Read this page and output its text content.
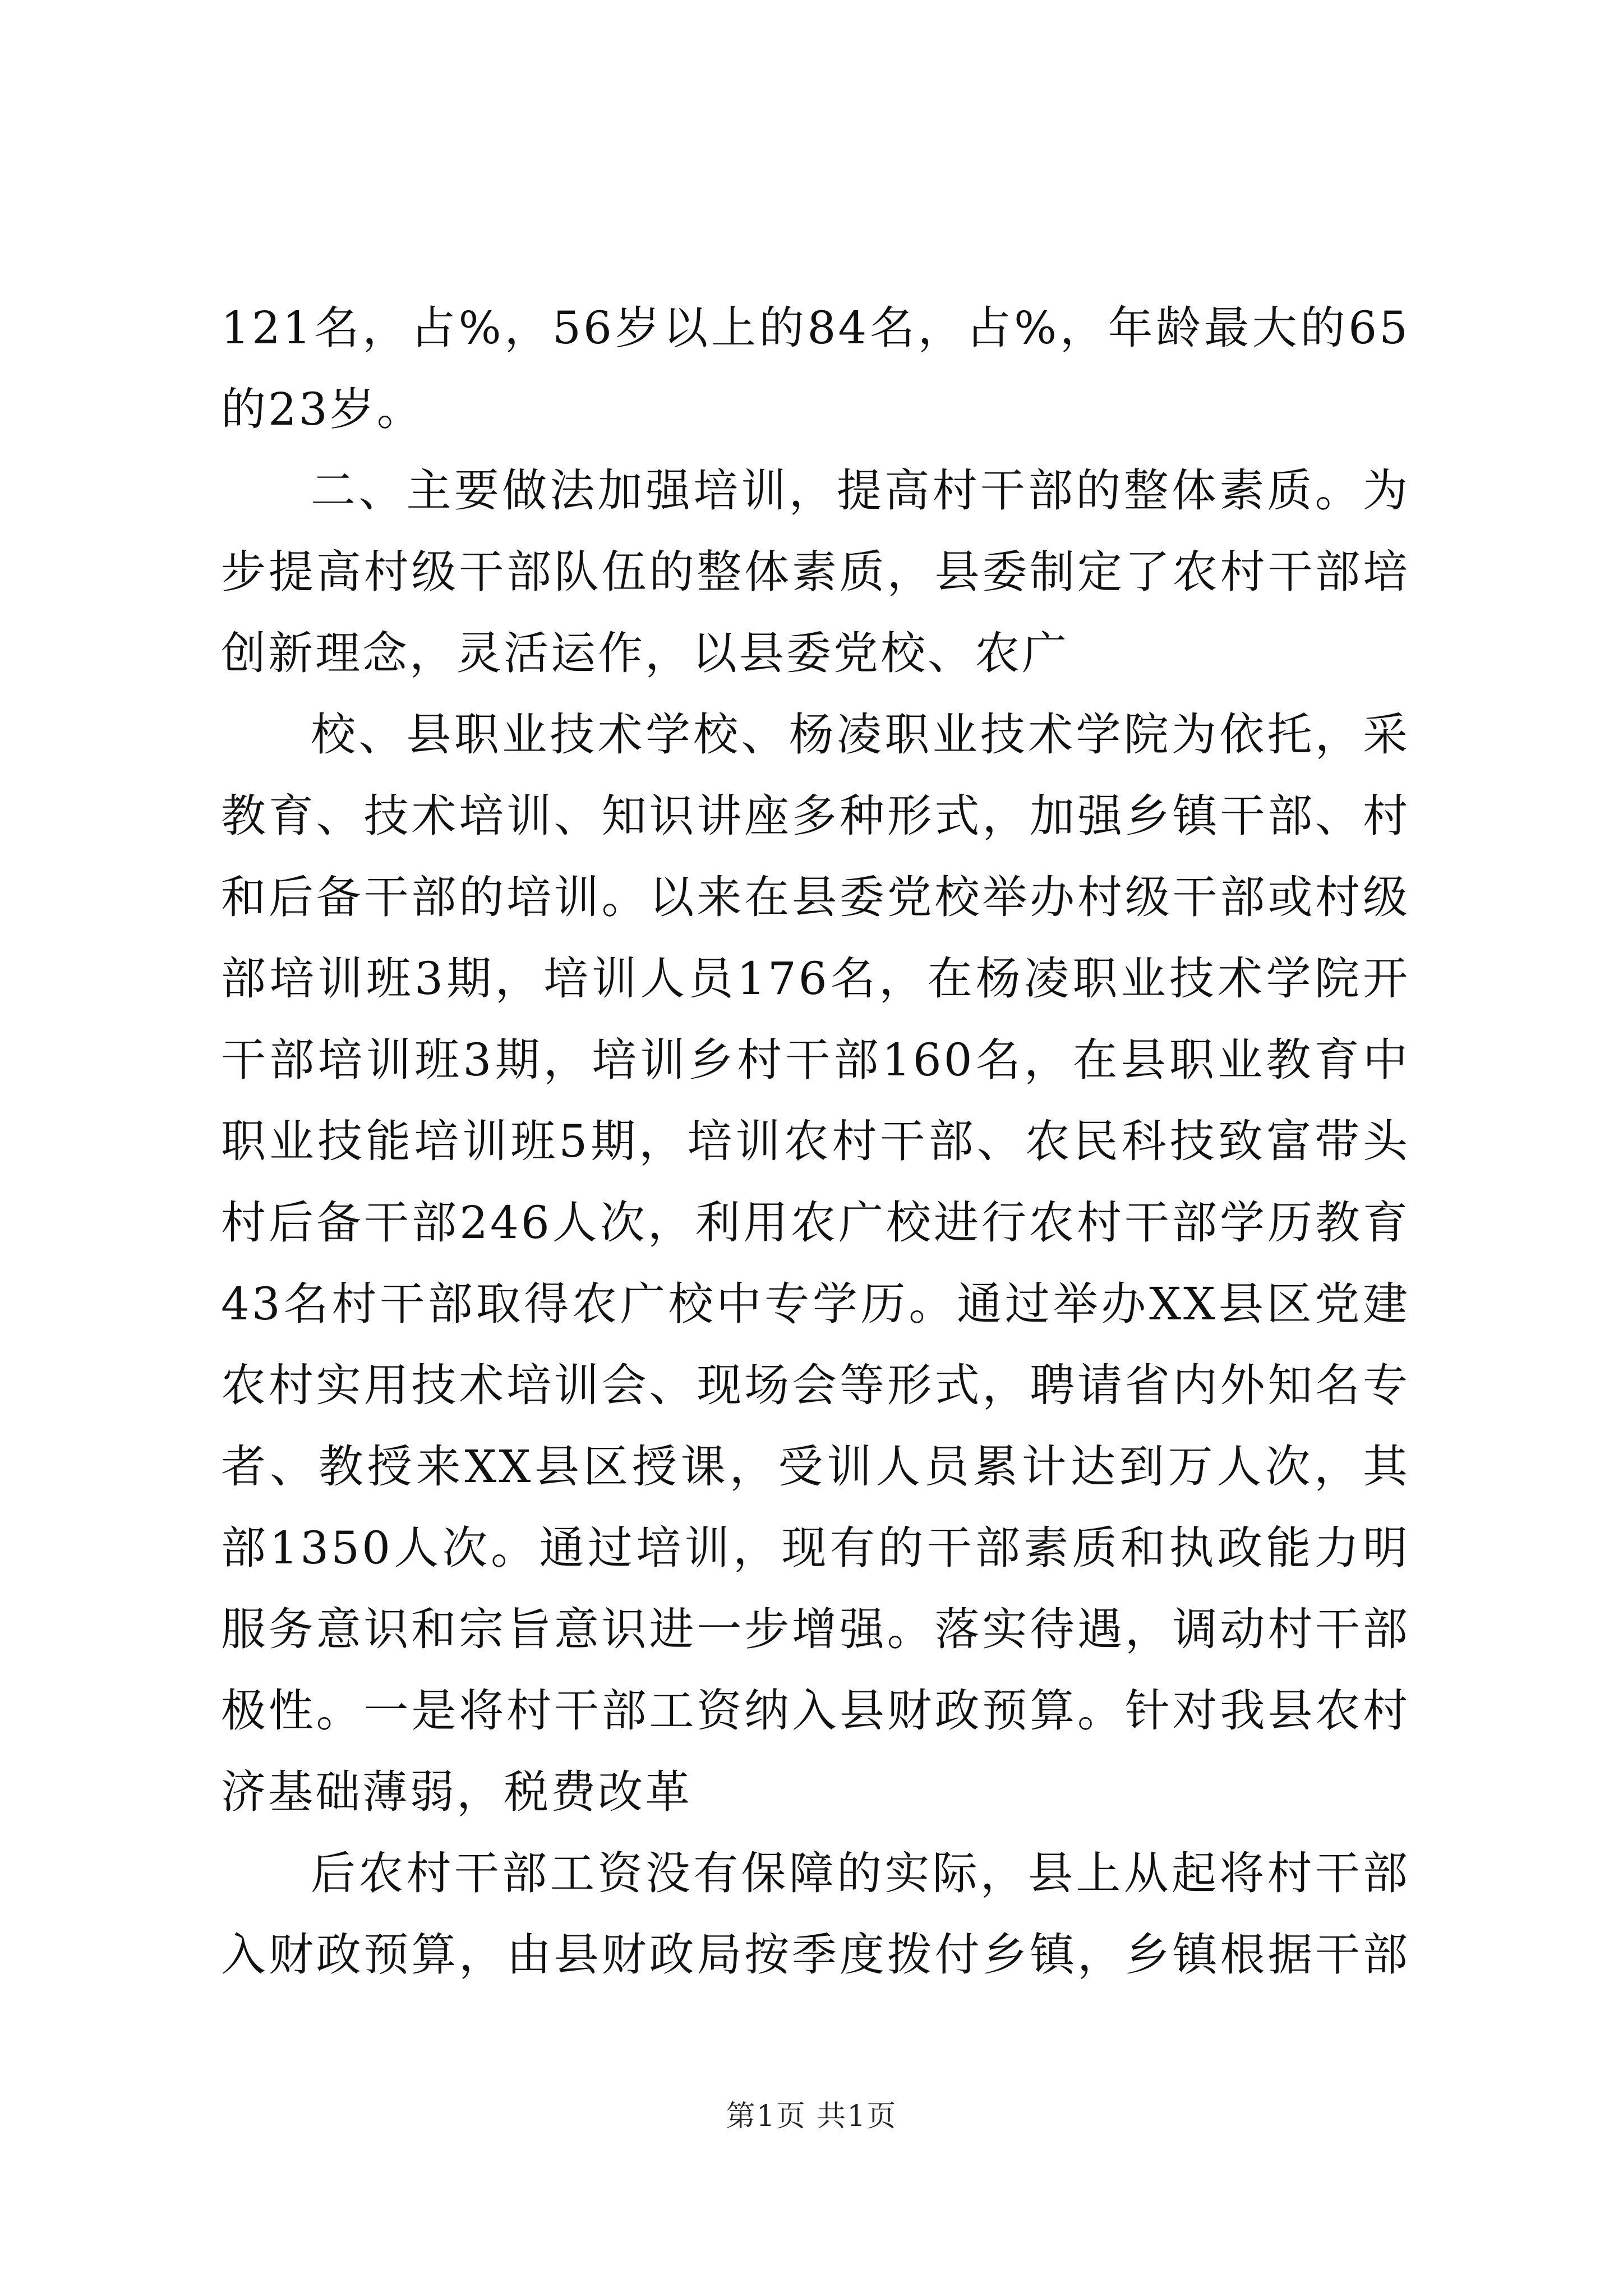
121名，占%，56岁以上的84名，占%，年龄最大的65
的23岁。
二、主要做法加强培训，提高村干部的整体素质。为
步提高村级干部队伍的整体素质，县委制定了农村干部培
创新理念，灵活运作，以县委党校、农广
校、县职业技术学校、杨凌职业技术学院为依托，采
教育、技术培训、知识讲座多种形式，加强乡镇干部、村
和后备干部的培训。以来在县委党校举办村级干部或村级
部培训班3期，培训人员176名，在杨凌职业技术学院开
干部培训班3期，培训乡村干部160名，在县职业教育中
职业技能培训班5期，培训农村干部、农民科技致富带头
村后备干部246人次，利用农广校进行农村干部学历教育
43名村干部取得农广校中专学历。通过举办XX县区党建
农村实用技术培训会、现场会等形式，聘请省内外知名专
者、教授来XX县区授课，受训人员累计达到万人次，其
部1350人次。通过培训，现有的干部素质和执政能力明
服务意识和宗旨意识进一步增强。落实待遇，调动村干部
极性。一是将村干部工资纳入县财政预算。针对我县农村
济基础薄弱，税费改革
后农村干部工资没有保障的实际，县上从起将村干部
入财政预算，由县财政局按季度拨付乡镇，乡镇根据干部
第1页 共1页
